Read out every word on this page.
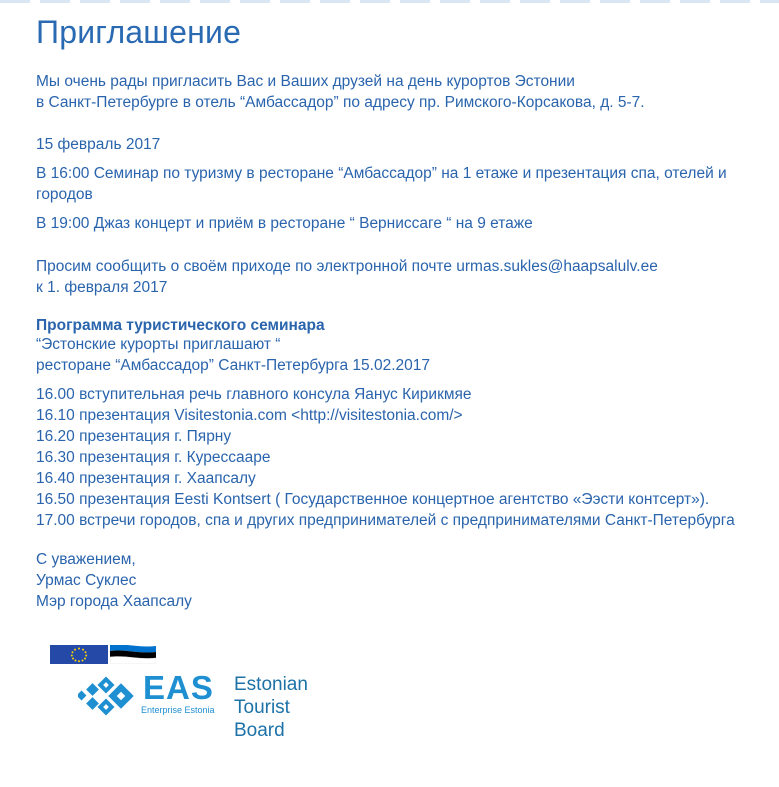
Приглашение
Мы очень рады пригласить Вас и Ваших друзей на день курортов Эстонии
в Санкт-Петербурге в отель “Амбассадор” по адресу пр. Римского-Корсакова, д. 5-7.
15 февраль 2017
В 16:00 Семинар по туризму в ресторане “Амбассадор” на 1 етаже и презентация спа, отелей и городов
В 19:00 Джаз концерт и приём в ресторане “ Вернисcаге “ на 9 етаже
Просим сообщить о своём приходе по электронной почте urmas.sukles@haapsalulv.ee
к 1. февраля 2017
Программа туристического семинара
“Эстонские курорты приглашают “
ресторане “Амбассадор” Санкт-Петербурга 15.02.2017
16.00 вступительная речь главного консула Яанус Кирикмяе
16.10 презентация Visitestonia.com <http://visitestonia.com/>
16.20 презентация г. Пярну
16.30 презентация г. Курессааре
16.40 презентация г. Хаапсалу
16.50 презентация Eesti Kontsert ( Государственное концертное агентство «Ээсти контсерт»).
17.00 встречи городов, спа и других предпринимателей с предпринимателями Санкт-Петербурга
С уважением,
Урмас Суклес
Мэр города Хаапсалу
EAS
Enterprise Estonia
Estonian
Tourist Board
